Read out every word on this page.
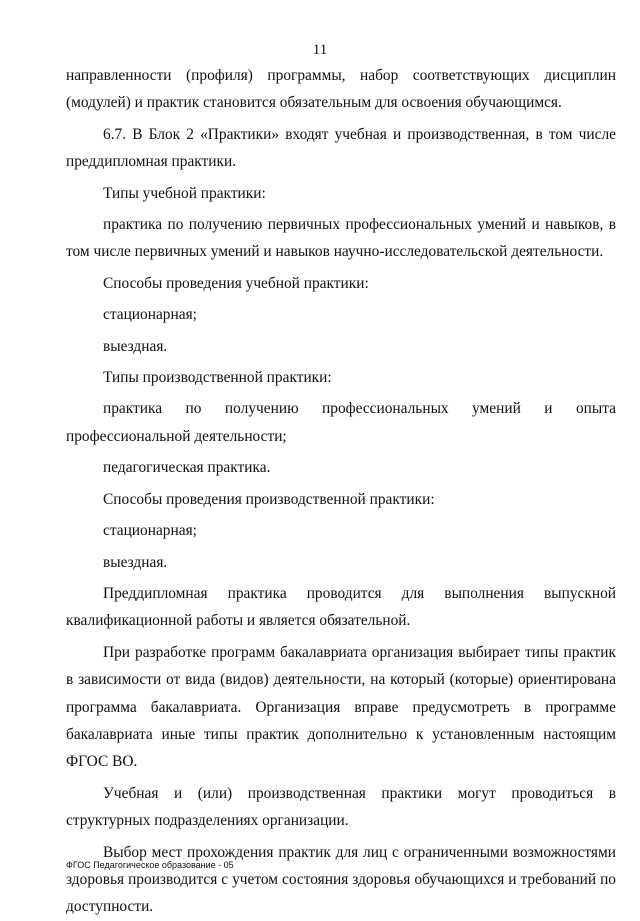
11

направленности (профиля) программы, набор соответствующих дисциплин (модулей) и практик становится обязательным для освоения обучающимся.

6.7. В Блок 2 «Практики» входят учебная и производственная, в том числе преддипломная практики.

Типы учебной практики:

практика по получению первичных профессиональных умений и навыков, в том числе первичных умений и навыков научно-исследовательской деятельности.

Способы проведения учебной практики:

стационарная;

выездная.

Типы производственной практики:

практика по получению профессиональных умений и опыта профессиональной деятельности;

педагогическая практика.

Способы проведения производственной практики:

стационарная;

выездная.

Преддипломная практика проводится для выполнения выпускной квалификационной работы и является обязательной.

При разработке программ бакалавриата организация выбирает типы практик в зависимости от вида (видов) деятельности, на который (которые) ориентирована программа бакалавриата. Организация вправе предусмотреть в программе бакалавриата иные типы практик дополнительно к установленным настоящим ФГОС ВО.

Учебная и (или) производственная практики могут проводиться в структурных подразделениях организации.

Выбор мест прохождения практик для лиц с ограниченными возможностями здоровья производится с учетом состояния здоровья обучающихся и требований по доступности.

ФГОС Педагогическое образование - 05
